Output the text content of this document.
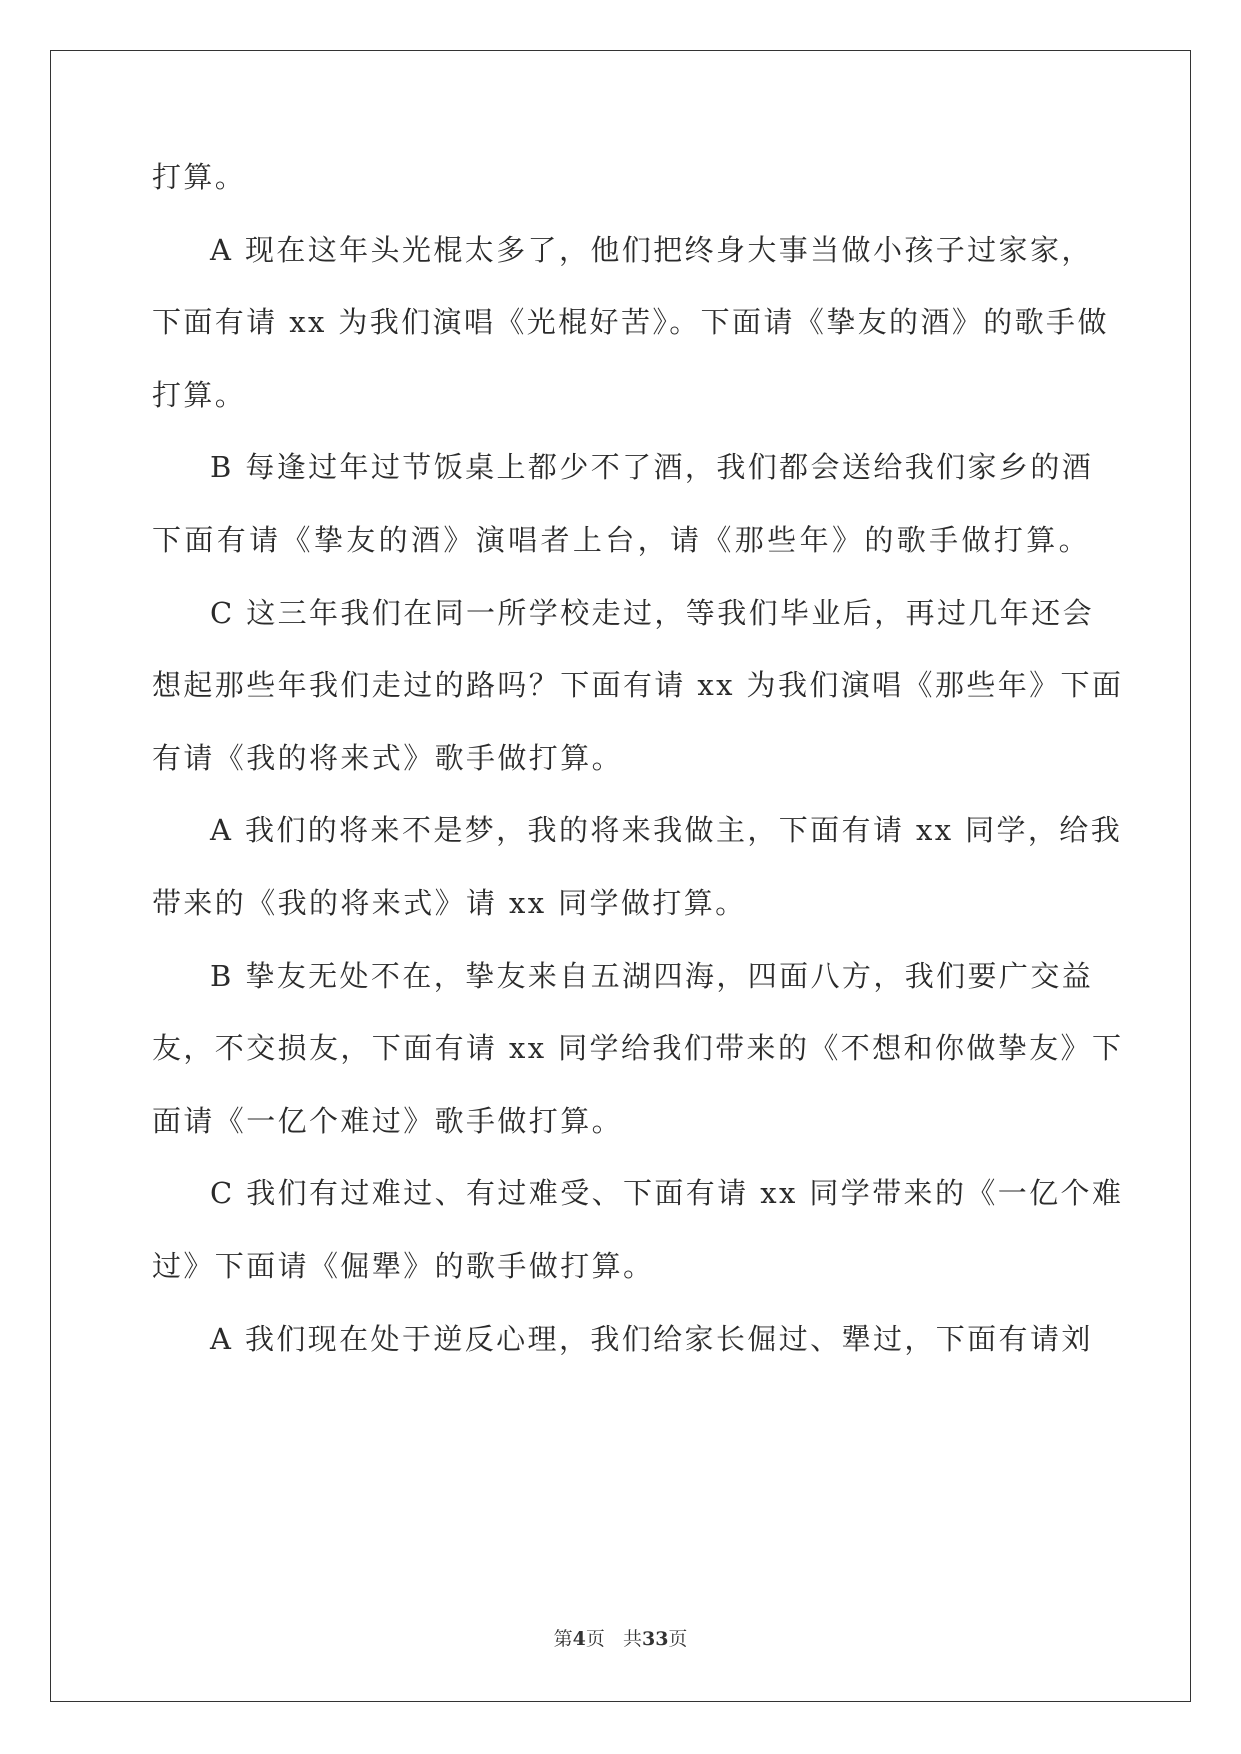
打算。
A 现在这年头光棍太多了，他们把终身大事当做小孩子过家家，
下面有请 xx 为我们演唱《光棍好苦》。下面请《挚友的酒》的歌手做
打算。
B 每逢过年过节饭桌上都少不了酒，我们都会送给我们家乡的酒
下面有请《挚友的酒》演唱者上台，请《那些年》的歌手做打算。
C 这三年我们在同一所学校走过，等我们毕业后，再过几年还会
想起那些年我们走过的路吗？下面有请 xx 为我们演唱《那些年》下面
有请《我的将来式》歌手做打算。
A 我们的将来不是梦，我的将来我做主，下面有请 xx 同学，给我
带来的《我的将来式》请 xx 同学做打算。
B 挚友无处不在，挚友来自五湖四海，四面八方，我们要广交益
友，不交损友，下面有请 xx 同学给我们带来的《不想和你做挚友》下
面请《一亿个难过》歌手做打算。
C 我们有过难过、有过难受、下面有请 xx 同学带来的《一亿个难
过》下面请《倔犟》的歌手做打算。
A 我们现在处于逆反心理，我们给家长倔过、犟过，下面有请刘
第4页 共33页
